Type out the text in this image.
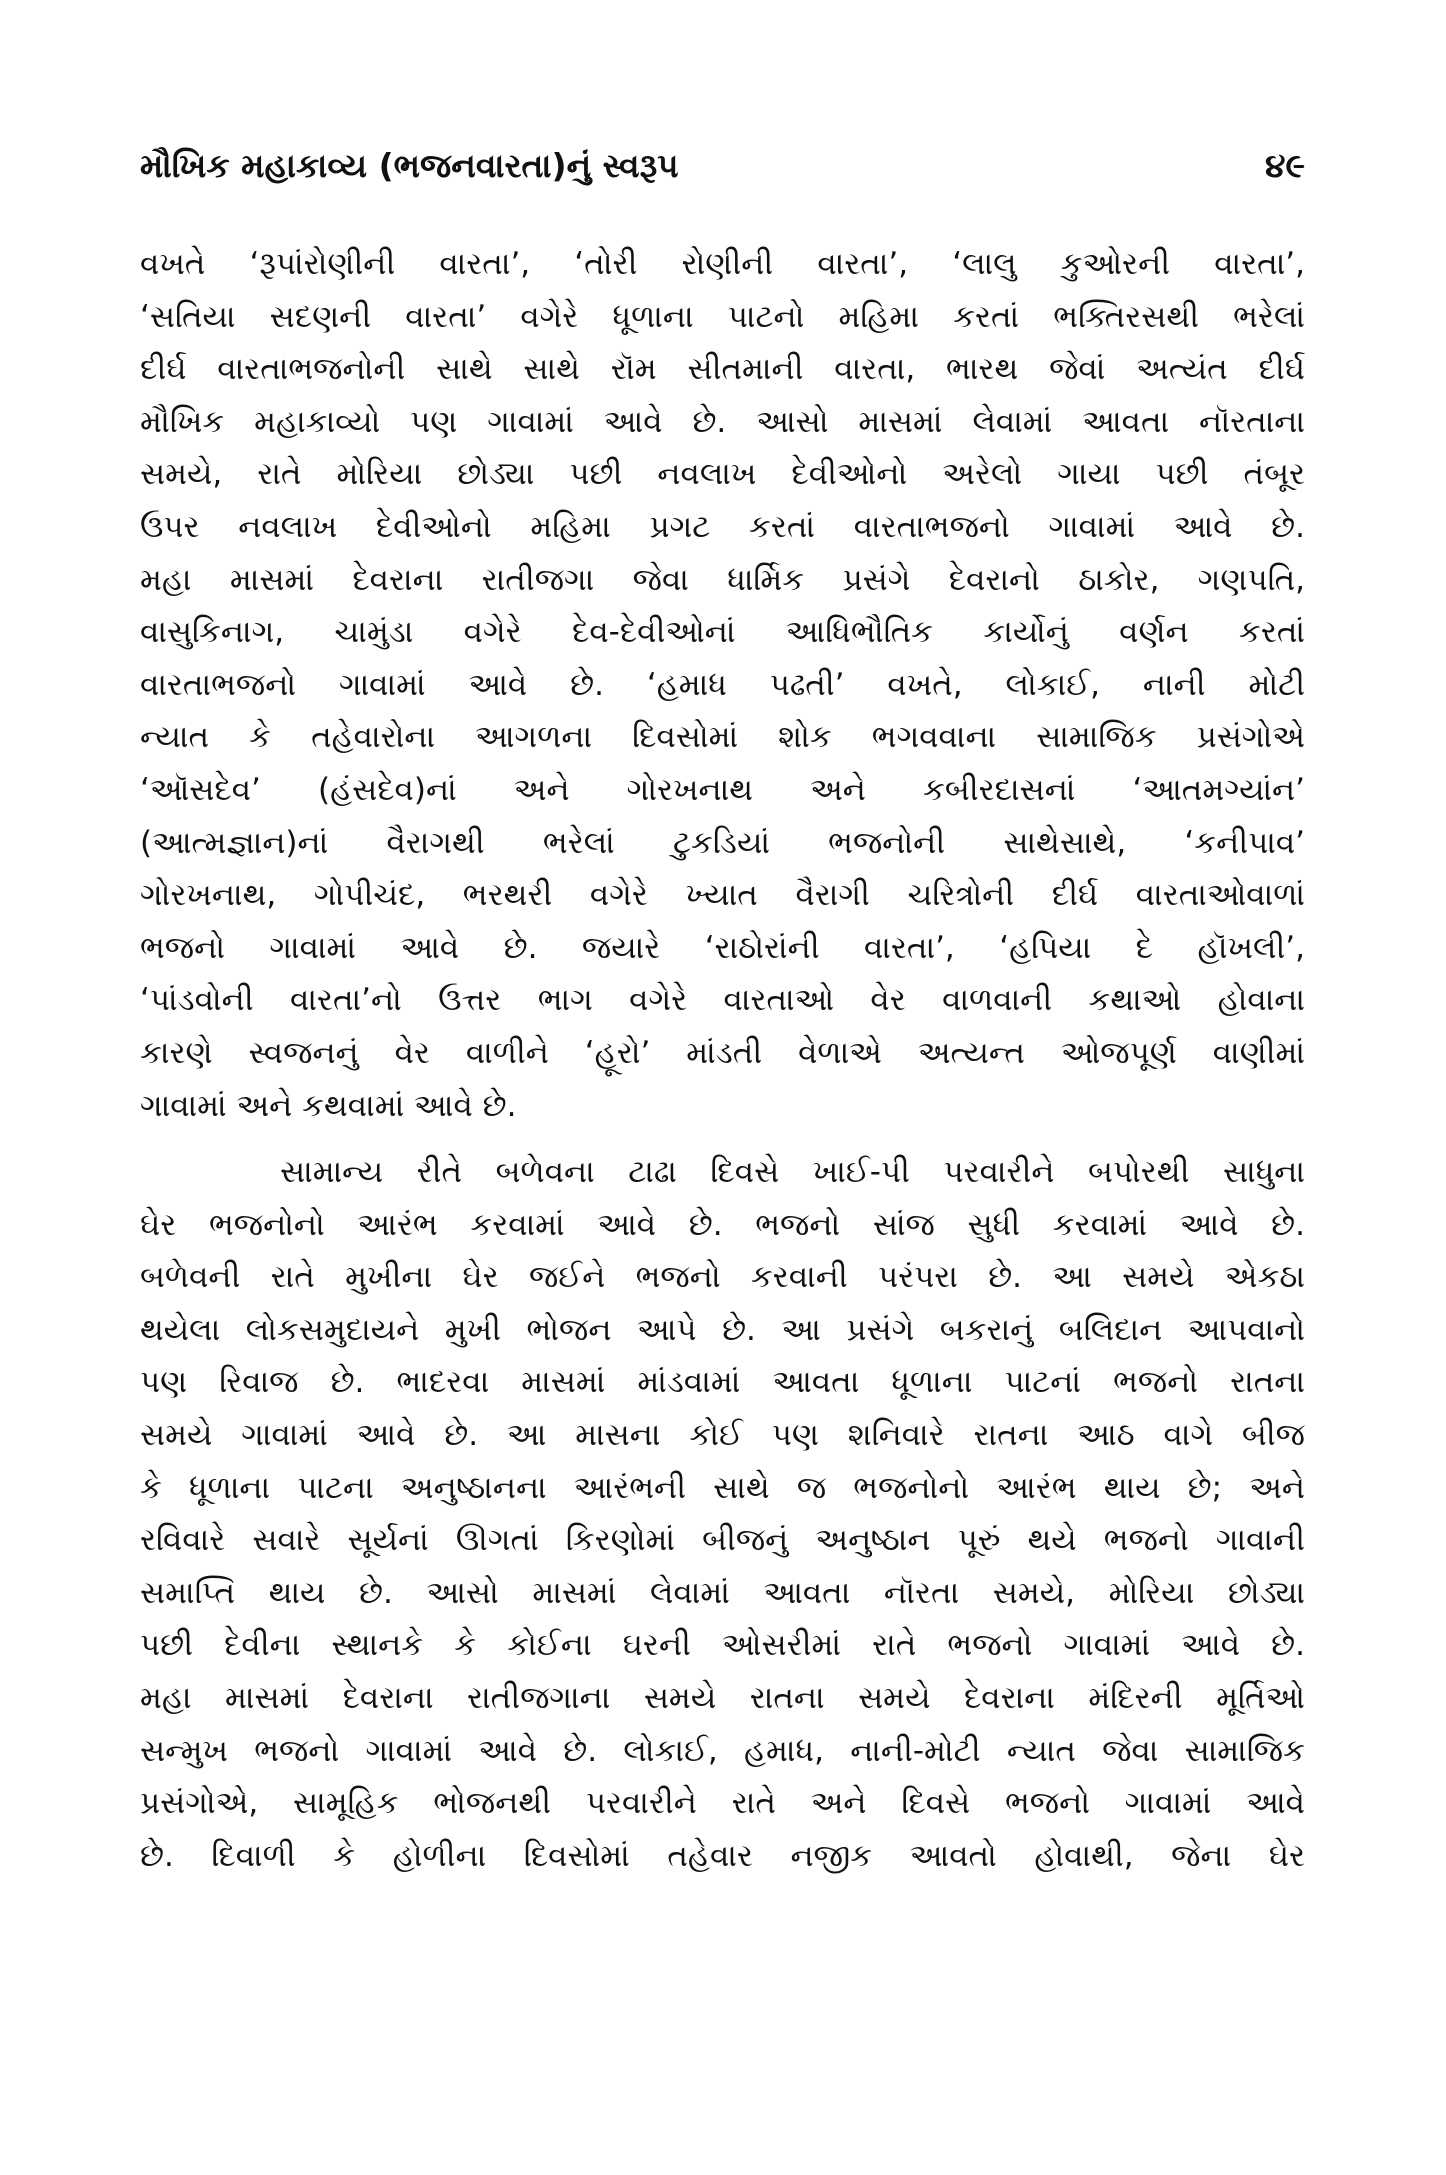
મૌખિક મહાકાવ્ય (ભજનવારતા)નું સ્વરૂપ	૪૯
વખતે ‘રૂપાંરોણીની વારતા’, ‘તોરી રોણીની વારતા’, ‘લાલુ કુઓરની વારતા’,
‘સતિયા સદણની વારતા’ વગેરે ધૂળાના પાટનો મહિમા કરતાં ભક્તિરસથી ભરેલાં
દીર્ઘ વારતાભજનોની સાથે સાથે રૉમ સીતમાની વારતા, ભારથ જેવાં અત્યંત દીર્ઘ
મૌખિક મહાકાવ્યો પણ ગાવામાં આવે છે. આસો માસમાં લેવામાં આવતા નૉરતાના
સમયે, રાતે મોરિયા છોડ્યા પછી નવલાખ દેવીઓનો અરેલો ગાયા પછી તંબૂર
ઉપર નવલાખ દેવીઓનો મહિમા પ્રગટ કરતાં વારતાભજનો ગાવામાં આવે છે.
મહા માસમાં દેવરાના રાતીજગા જેવા ધાર્મિક પ્રસંગે દેવરાનો ઠાકોર, ગણપતિ,
વાસુકિનાગ, ચામુંડા વગેરે દેવ-દેવીઓનાં આધિભૌતિક કાર્યોનું વર્ણન કરતાં
વારતાભજનો ગાવામાં આવે છે. ‘હમાધ પઢતી’ વખતે, લોકાઈ, નાની મોટી
ન્યાત કે તહેવારોના આગળના દિવસોમાં શોક ભગવવાના સામાજિક પ્રસંગોએ
‘ઑસદેવ’ (હંસદેવ)નાં અને ગોરખનાથ અને કબીરદાસનાં ‘આતમગ્યાંન’
(આત્મજ્ઞાન)નાં વૈરાગથી ભરેલાં ટુકડિયાં ભજનોની સાથેસાથે, ‘કનીપાવ’
ગોરખનાથ, ગોપીચંદ, ભરથરી વગેરે ખ્યાત વૈરાગી ચરિત્રોની દીર્ઘ વારતાઓવાળાં
ભજનો ગાવામાં આવે છે. જયારે ‘રાઠોરાંની વારતા’, ‘હપિયા દે હૉખલી’,
‘પાંડવોની વારતા’નો ઉત્તર ભાગ વગેરે વારતાઓ વેર વાળવાની કથાઓ હોવાના
કારણે સ્વજનનું વેર વાળીને ‘હૂરો’ માંડતી વેળાએ અત્યન્ત ઓજપૂર્ણ વાણીમાં
ગાવામાં અને કથવામાં આવે છે.
સામાન્ય રીતે બળેવના ટાઢા દિવસે ખાઈ-પી પરવારીને બપોરથી સાધુના
ઘેર ભજનોનો આરંભ કરવામાં આવે છે. ભજનો સાંજ સુધી કરવામાં આવે છે.
બળેવની રાતે મુખીના ઘેર જઈને ભજનો કરવાની પરંપરા છે. આ સમયે એકઠા
થયેલા લોકસમુદાયને મુખી ભોજન આપે છે. આ પ્રસંગે બકરાનું બલિદાન આપવાનો
પણ રિવાજ છે. ભાદરવા માસમાં માંડવામાં આવતા ધૂળાના પાટનાં ભજનો રાતના
સમયે ગાવામાં આવે છે. આ માસના કોઈ પણ શનિવારે રાતના આઠ વાગે બીજ
કે ધૂળાના પાટના અનુષ્ઠાનના આરંભની સાથે જ ભજનોનો આરંભ થાય છે; અને
રવિવારે સવારે સૂર્યનાં ઊગતાં કિરણોમાં બીજનું અનુષ્ઠાન પૂરું થયે ભજનો ગાવાની
સમાપ્તિ થાય છે. આસો માસમાં લેવામાં આવતા નૉરતા સમયે, મોરિયા છોડ્યા
પછી દેવીના સ્થાનકે કે કોઈના ઘરની ઓસરીમાં રાતે ભજનો ગાવામાં આવે છે.
મહા માસમાં દેવરાના રાતીજગાના સમયે રાતના સમયે દેવરાના મંદિરની મૂર્તિઓ
સન્મુખ ભજનો ગાવામાં આવે છે. લોકાઈ, હમાધ, નાની-મોટી ન્યાત જેવા સામાજિક
પ્રસંગોએ, સામૂહિક ભોજનથી પરવારીને રાતે અને દિવસે ભજનો ગાવામાં આવે
છે. દિવાળી કે હોળીના દિવસોમાં તહેવાર નજીક આવતો હોવાથી, જેના ઘેર
